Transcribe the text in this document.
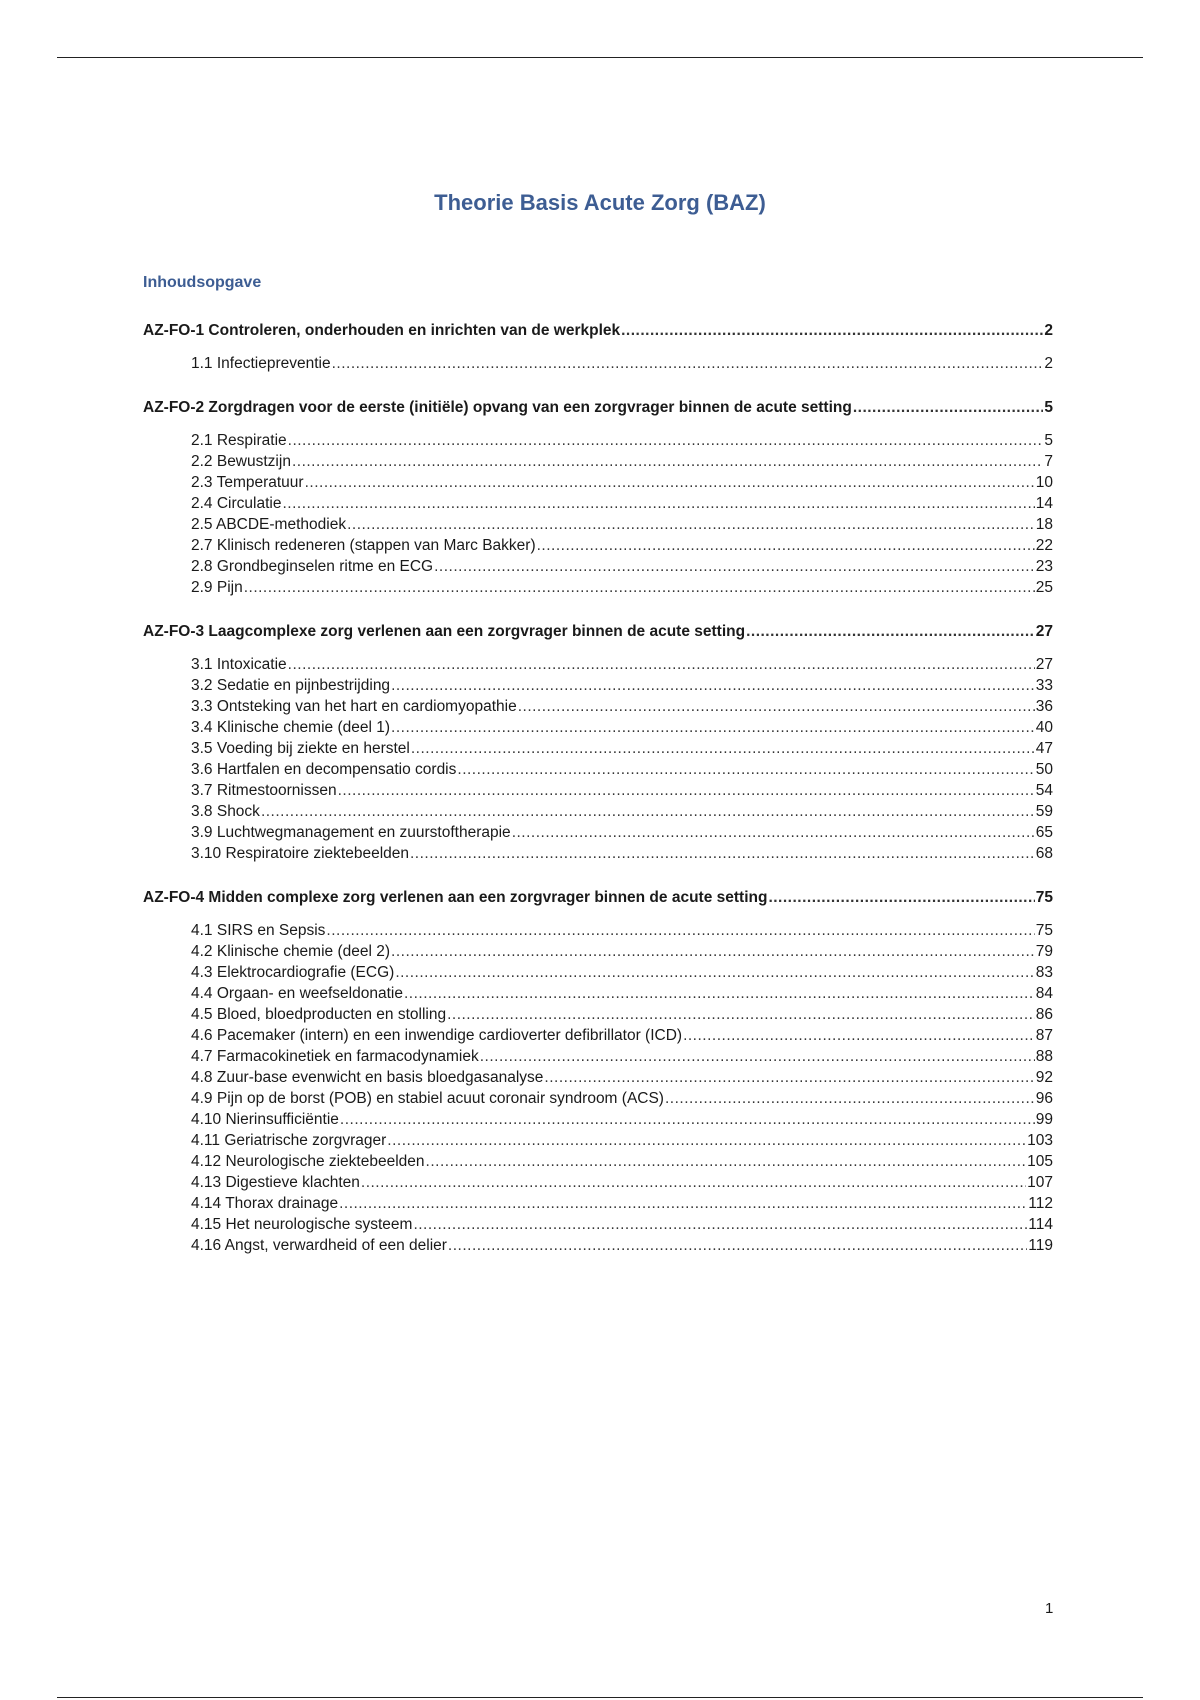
Theorie Basis Acute Zorg (BAZ)
Inhoudsopgave
AZ-FO-1 Controleren, onderhouden en inrichten van de werkplek .....	2
1.1 Infectiepreventie .....	2
AZ-FO-2 Zorgdragen voor de eerste (initiële) opvang van een zorgvrager binnen de acute setting .....	5
2.1 Respiratie .....	5
2.2 Bewustzijn .....	7
2.3 Temperatuur .....	10
2.4 Circulatie .....	14
2.5 ABCDE-methodiek .....	18
2.7 Klinisch redeneren (stappen van Marc Bakker) .....	22
2.8 Grondbeginselen ritme en ECG .....	23
2.9 Pijn .....	25
AZ-FO-3 Laagcomplexe zorg verlenen aan een zorgvrager binnen de acute setting .....	27
3.1 Intoxicatie .....	27
3.2 Sedatie en pijnbestrijding .....	33
3.3 Ontsteking van het hart en cardiomyopathie .....	36
3.4 Klinische chemie (deel 1) .....	40
3.5 Voeding bij ziekte en herstel .....	47
3.6 Hartfalen en decompensatio cordis .....	50
3.7 Ritmestoornissen .....	54
3.8 Shock .....	59
3.9 Luchtwegmanagement en zuurstoftherapie .....	65
3.10 Respiratoire ziektebeelden .....	68
AZ-FO-4 Midden complexe zorg verlenen aan een zorgvrager binnen de acute setting .....	75
4.1 SIRS en Sepsis .....	75
4.2 Klinische chemie (deel 2) .....	79
4.3 Elektrocardiografie (ECG) .....	83
4.4 Orgaan- en weefseldonatie .....	84
4.5 Bloed, bloedproducten en stolling .....	86
4.6 Pacemaker (intern) en een inwendige cardioverter defibrillator (ICD) .....	87
4.7 Farmacokinetiek en farmacodynamiek .....	88
4.8 Zuur-base evenwicht en basis bloedgasanalyse .....	92
4.9 Pijn op de borst (POB) en stabiel acuut coronair syndroom (ACS) .....	96
4.10 Nierinsufficiëntie .....	99
4.11 Geriatrische zorgvrager .....	103
4.12 Neurologische ziektebeelden .....	105
4.13 Digestieve klachten .....	107
4.14 Thorax drainage .....	112
4.15 Het neurologische systeem .....	114
4.16 Angst, verwardheid of een delier .....	119
1
